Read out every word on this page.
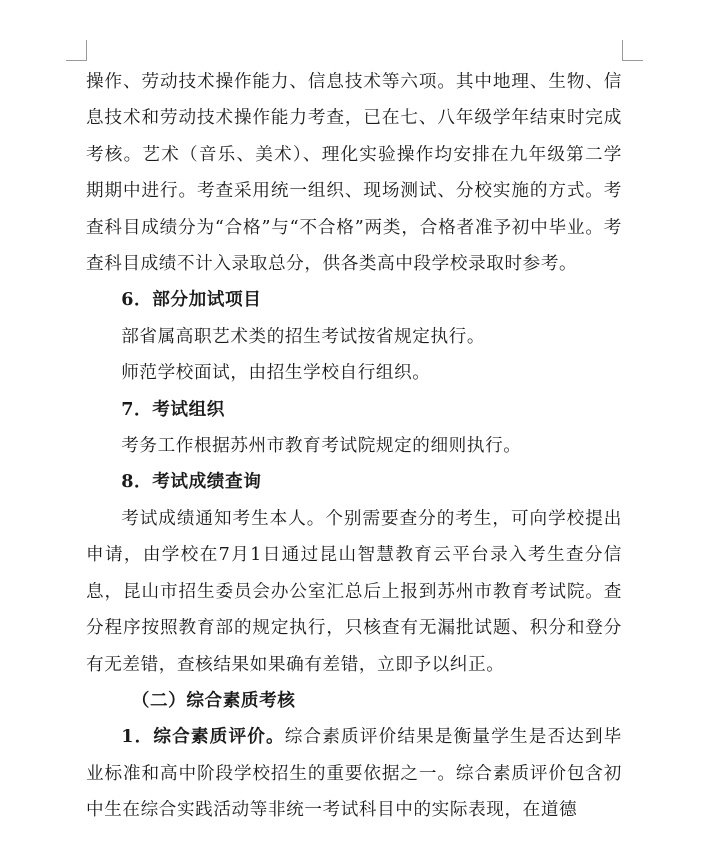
操作、劳动技术操作能力、信息技术等六项。其中地理、生物、信息技术和劳动技术操作能力考查，已在七、八年级学年结束时完成考核。艺术（音乐、美术）、理化实验操作均安排在九年级第二学期期中进行。考查采用统一组织、现场测试、分校实施的方式。考查科目成绩分为“合格”与“不合格”两类，合格者准予初中毕业。考查科目成绩不计入录取总分，供各类高中段学校录取时参考。

6．部分加试项目

部省属高职艺术类的招生考试按省规定执行。

师范学校面试，由招生学校自行组织。

7．考试组织

考务工作根据苏州市教育考试院规定的细则执行。

8．考试成绩查询

考试成绩通知考生本人。个别需要查分的考生，可向学校提出申请，由学校在7月1日通过昆山智慧教育云平台录入考生查分信息，昆山市招生委员会办公室汇总后上报到苏州市教育考试院。查分程序按照教育部的规定执行，只核查有无漏批试题、积分和登分有无差错，查核结果如果确有差错，立即予以纠正。

（二）综合素质考核

1．综合素质评价。综合素质评价结果是衡量学生是否达到毕业标准和高中阶段学校招生的重要依据之一。综合素质评价包含初中生在综合实践活动等非统一考试科目中的实际表现，在道德
